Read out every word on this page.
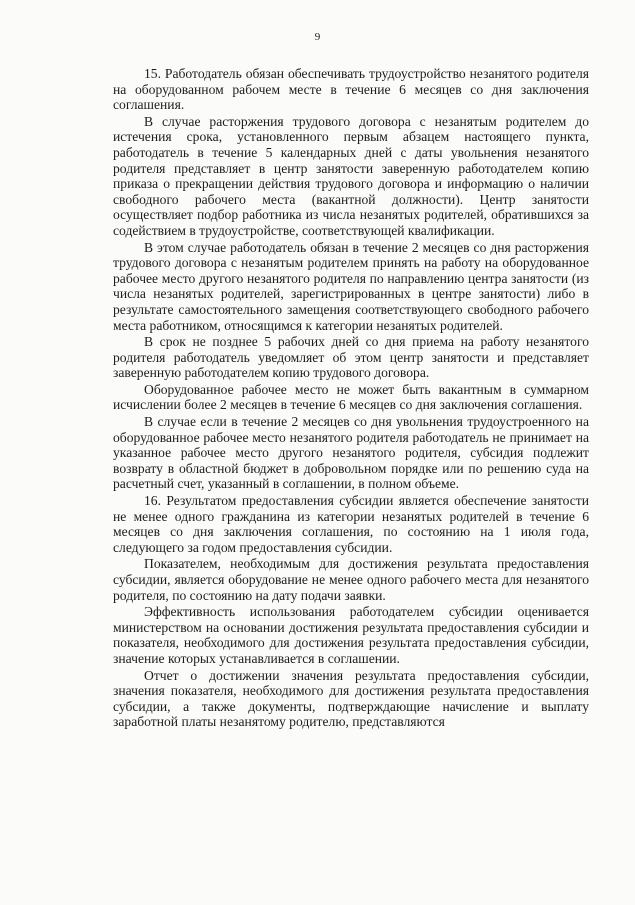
9

15. Работодатель обязан обеспечивать трудоустройство незанятого родителя на оборудованном рабочем месте в течение 6 месяцев со дня заключения соглашения.

В случае расторжения трудового договора с незанятым родителем до истечения срока, установленного первым абзацем настоящего пункта, работодатель в течение 5 календарных дней с даты увольнения незанятого родителя представляет в центр занятости заверенную работодателем копию приказа о прекращении действия трудового договора и информацию о наличии свободного рабочего места (вакантной должности). Центр занятости осуществляет подбор работника из числа незанятых родителей, обратившихся за содействием в трудоустройстве, соответствующей квалификации.

В этом случае работодатель обязан в течение 2 месяцев со дня расторжения трудового договора с незанятым родителем принять на работу на оборудованное рабочее место другого незанятого родителя по направлению центра занятости (из числа незанятых родителей, зарегистрированных в центре занятости) либо в результате самостоятельного замещения соответствующего свободного рабочего места работником, относящимся к категории незанятых родителей.

В срок не позднее 5 рабочих дней со дня приема на работу незанятого родителя работодатель уведомляет об этом центр занятости и представляет заверенную работодателем копию трудового договора.

Оборудованное рабочее место не может быть вакантным в суммарном исчислении более 2 месяцев в течение 6 месяцев со дня заключения соглашения.

В случае если в течение 2 месяцев со дня увольнения трудоустроенного на оборудованное рабочее место незанятого родителя работодатель не принимает на указанное рабочее место другого незанятого родителя, субсидия подлежит возврату в областной бюджет в добровольном порядке или по решению суда на расчетный счет, указанный в соглашении, в полном объеме.

16. Результатом предоставления субсидии является обеспечение занятости не менее одного гражданина из категории незанятых родителей в течение 6 месяцев со дня заключения соглашения, по состоянию на 1 июля года, следующего за годом предоставления субсидии.

Показателем, необходимым для достижения результата предоставления субсидии, является оборудование не менее одного рабочего места для незанятого родителя, по состоянию на дату подачи заявки.

Эффективность использования работодателем субсидии оценивается министерством на основании достижения результата предоставления субсидии и показателя, необходимого для достижения результата предоставления субсидии, значение которых устанавливается в соглашении.

Отчет о достижении значения результата предоставления субсидии, значения показателя, необходимого для достижения результата предоставления субсидии, а также документы, подтверждающие начисление и выплату заработной платы незанятому родителю, представляются
